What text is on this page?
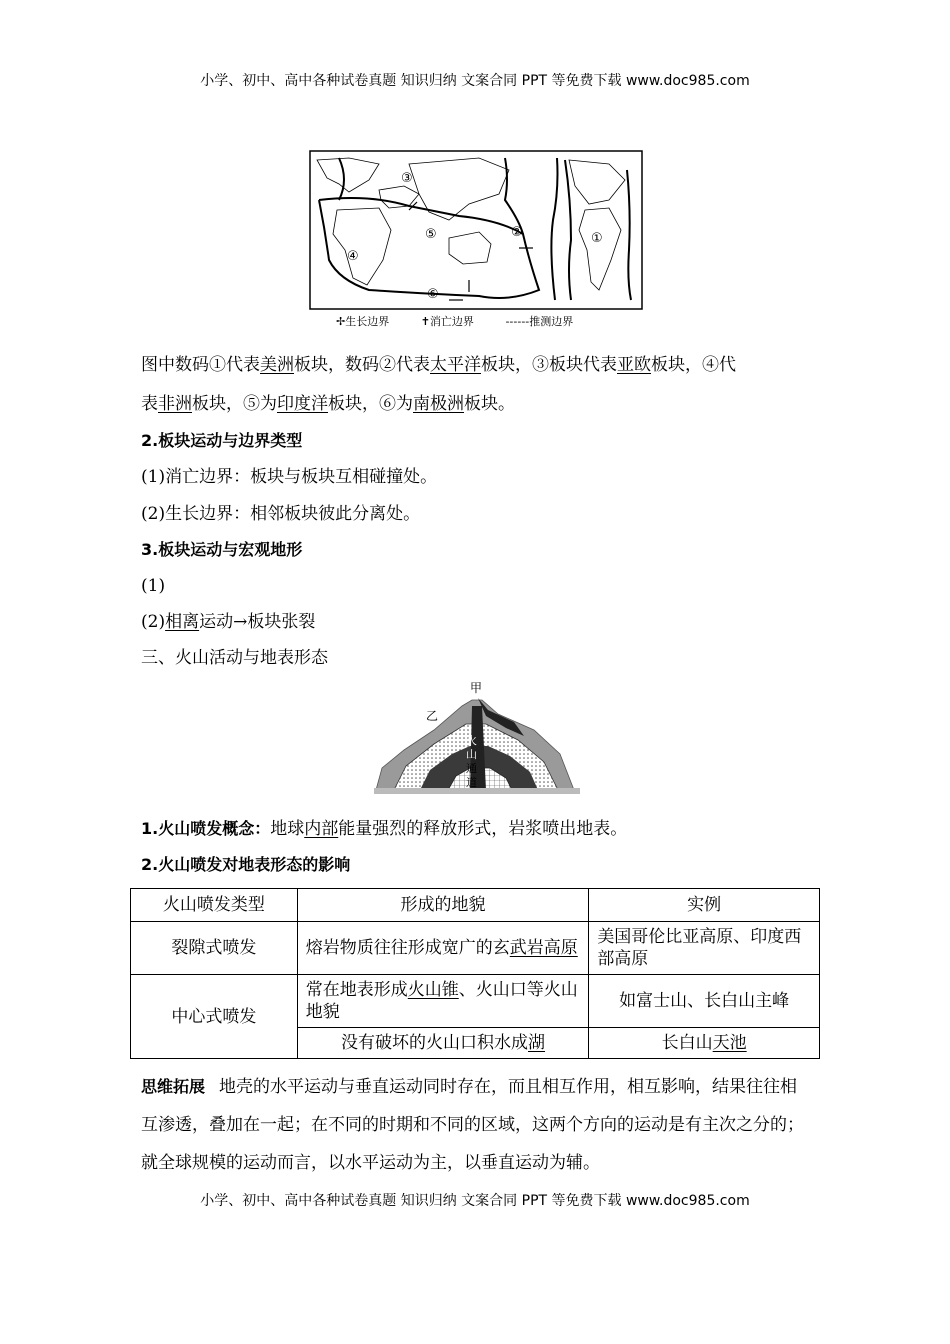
小学、初中、高中各种试卷真题 知识归纳 文案合同 PPT 等免费下载 www.doc985.com
①
②
③
④
⑤
⑥
✢生长边界	✝消亡边界	------推测边界
图中数码①代表美洲板块，数码②代表太平洋板块，③板块代表亚欧板块，④代
表非洲板块，⑤为印度洋板块，⑥为南极洲板块。
2.板块运动与边界类型
(1)消亡边界：板块与板块互相碰撞处。
(2)生长边界：相邻板块彼此分离处。
3.板块运动与宏观地形
(1)
(2)相离运动→板块张裂
三、火山活动与地表形态
甲
乙
火
山
通
道
1.火山喷发概念：地球内部能量强烈的释放形式，岩浆喷出地表。
2.火山喷发对地表形态的影响
火山喷发类型	形成的地貌	实例
裂隙式喷发	熔岩物质往往形成宽广的玄武岩高原	美国哥伦比亚高原、印度西部高原
中心式喷发	常在地表形成火山锥、火山口等火山地貌	如富士山、长白山主峰
	没有破坏的火山口积水成湖	长白山天池
思维拓展 地壳的水平运动与垂直运动同时存在，而且相互作用，相互影响，结果往往相互渗透，叠加在一起；在不同的时期和不同的区域，这两个方向的运动是有主次之分的；就全球规模的运动而言，以水平运动为主，以垂直运动为辅。
小学、初中、高中各种试卷真题 知识归纳 文案合同 PPT 等免费下载 www.doc985.com
